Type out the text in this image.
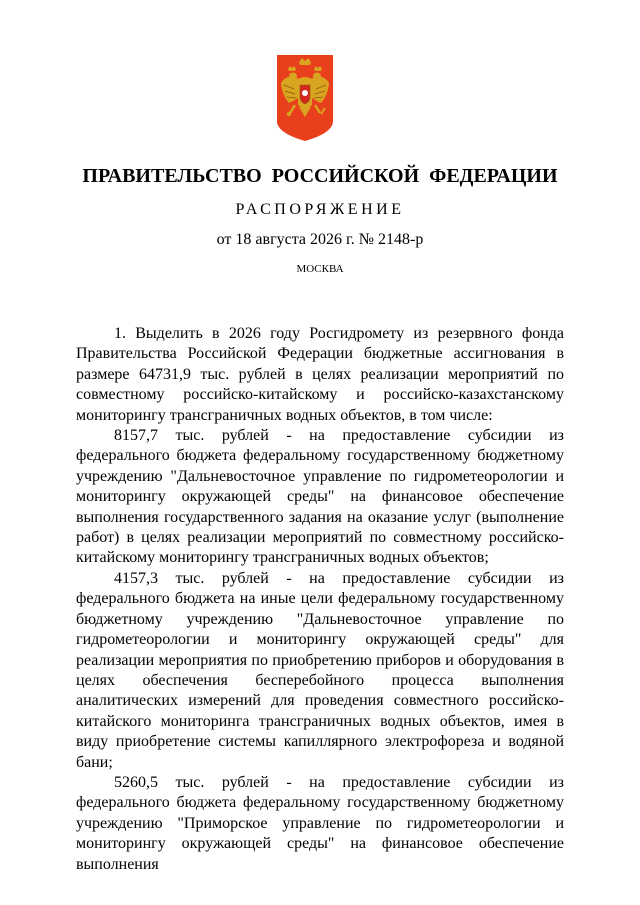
ПРАВИТЕЛЬСТВО РОССИЙСКОЙ ФЕДЕРАЦИИ
РАСПОРЯЖЕНИЕ
от 18 августа 2026 г. № 2148-р
МОСКВА

1. Выделить в 2026 году Росгидромету из резервного фонда Правительства Российской Федерации бюджетные ассигнования в размере 64731,9 тыс. рублей в целях реализации мероприятий по совместному российско-китайскому и российско-казахстанскому мониторингу трансграничных водных объектов, в том числе:

8157,7 тыс. рублей - на предоставление субсидии из федерального бюджета федеральному государственному бюджетному учреждению "Дальневосточное управление по гидрометеорологии и мониторингу окружающей среды" на финансовое обеспечение выполнения государственного задания на оказание услуг (выполнение работ) в целях реализации мероприятий по совместному российско-китайскому мониторингу трансграничных водных объектов;

4157,3 тыс. рублей - на предоставление субсидии из федерального бюджета на иные цели федеральному государственному бюджетному учреждению "Дальневосточное управление по гидрометеорологии и мониторингу окружающей среды" для реализации мероприятия по приобретению приборов и оборудования в целях обеспечения бесперебойного процесса выполнения аналитических измерений для проведения совместного российско-китайского мониторинга трансграничных водных объектов, имея в виду приобретение системы капиллярного электрофореза и водяной бани;

5260,5 тыс. рублей - на предоставление субсидии из федерального бюджета федеральному государственному бюджетному учреждению "Приморское управление по гидрометеорологии и мониторингу окружающей среды" на финансовое обеспечение выполнения
